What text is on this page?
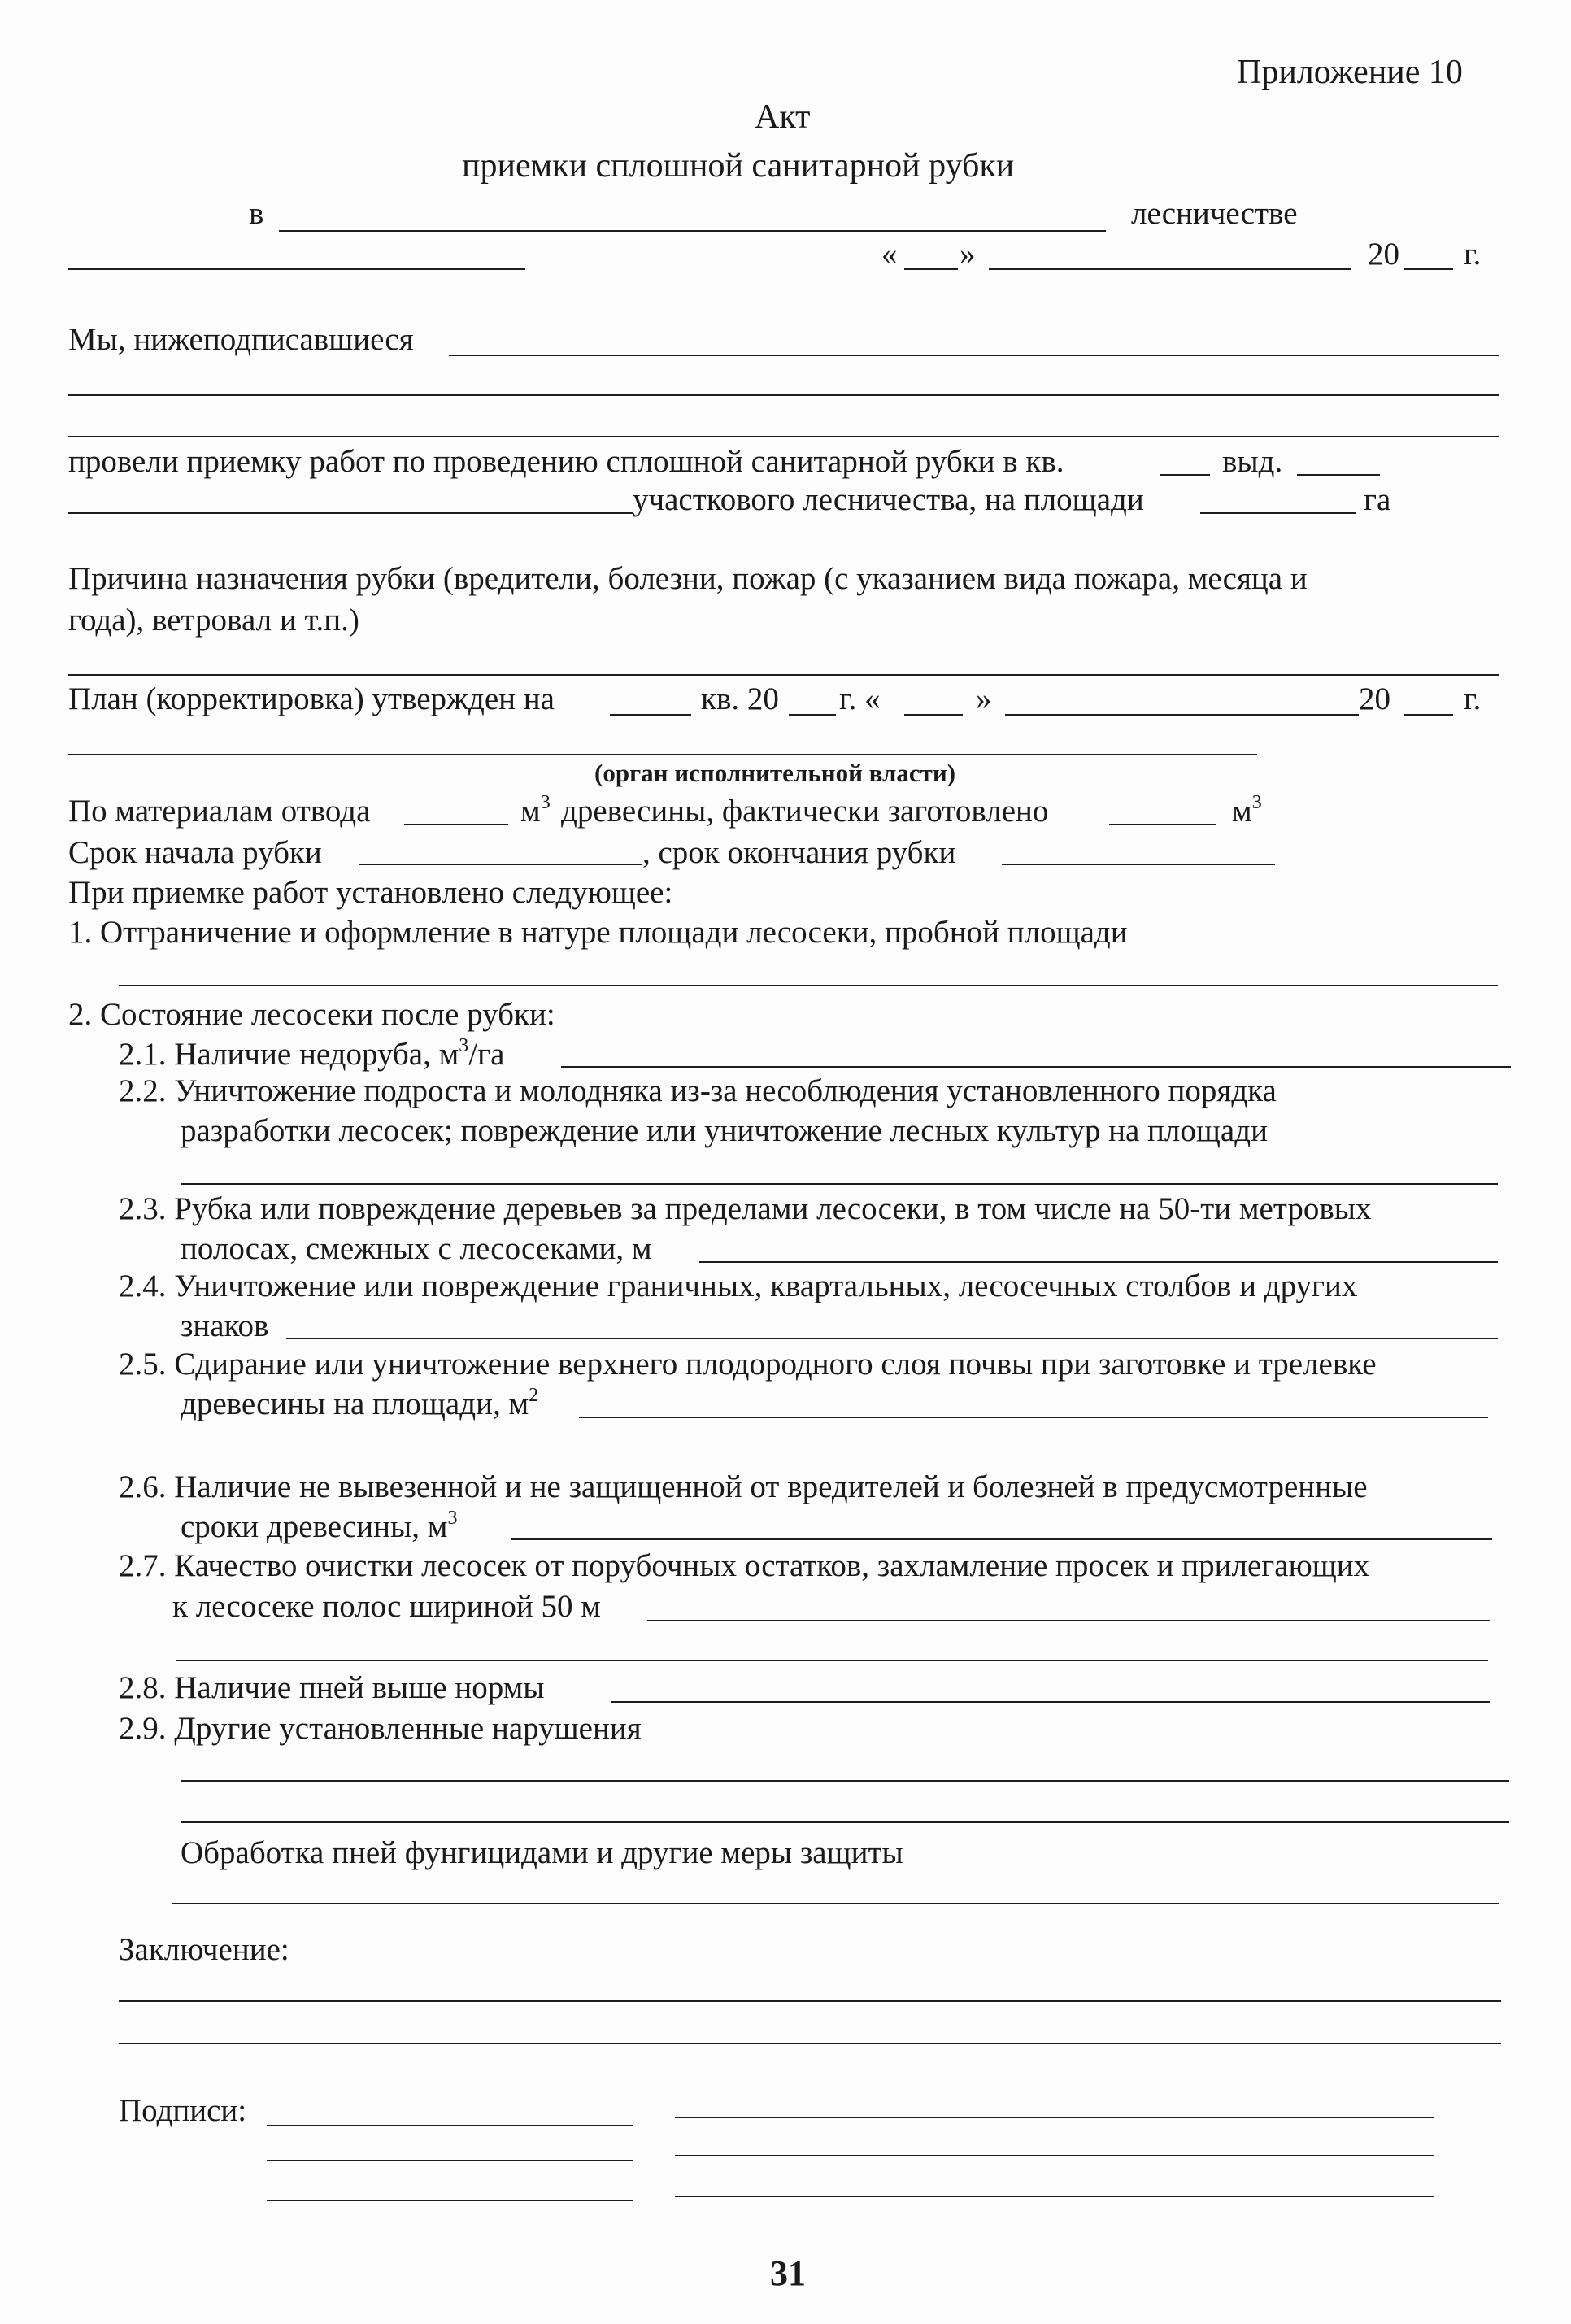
Приложение 10
Акт
приемки сплошной санитарной рубки
в	лесничестве
« »	20 г.
Мы, нижеподписавшиеся
провели приемку работ по проведению сплошной санитарной рубки в кв.	выд.
участкового лесничества, на площади	га
Причина назначения рубки (вредители, болезни, пожар (с указанием вида пожара, месяца и
года), ветровал и т.п.)
План (корректировка) утвержден на	кв. 20 г. «	»	20 г.
(орган исполнительной власти)
По материалам отвода	$м^3$ древесины, фактически заготовлено	$м^3$
Срок начала рубки	, срок окончания рубки
При приемке работ установлено следующее:
1. Отграничение и оформление в натуре площади лесосеки, пробной площади
2. Состояние лесосеки после рубки:
2.1. Наличие недоруба, $м^3/га$
2.2. Уничтожение подроста и молодняка из-за несоблюдения установленного порядка
разработки лесосек; повреждение или уничтожение лесных культур на площади
2.3. Рубка или повреждение деревьев за пределами лесосеки, в том числе на 50-ти метровых
полосах, смежных с лесосеками, м
2.4. Уничтожение или повреждение граничных, квартальных, лесосечных столбов и других
знаков
2.5. Сдирание или уничтожение верхнего плодородного слоя почвы при заготовке и трелевке
древесины на площади, $м^2$
2.6. Наличие не вывезенной и не защищенной от вредителей и болезней в предусмотренные
сроки древесины, $м^3$
2.7. Качество очистки лесосек от порубочных остатков, захламление просек и прилегающих
к лесосеке полос шириной 50 м
2.8. Наличие пней выше нормы
2.9. Другие установленные нарушения
Обработка пней фунгицидами и другие меры защиты
Заключение:
Подписи:
31
